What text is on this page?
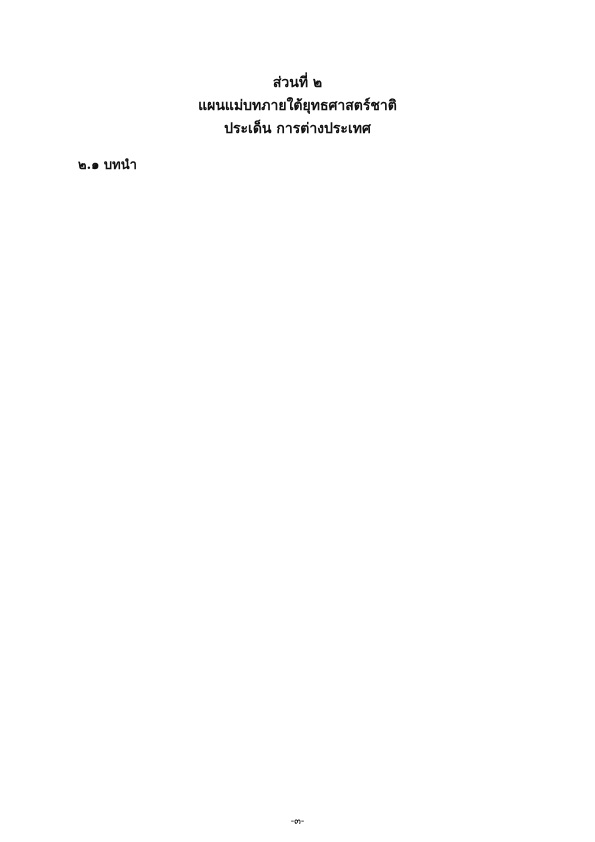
ส่วนที่ ๒
แผนแม่บทภายใต้ยุทธศาสตร์ชาติ
ประเด็น การต่างประเทศ
๒.๑ บทนำ

-๓-
